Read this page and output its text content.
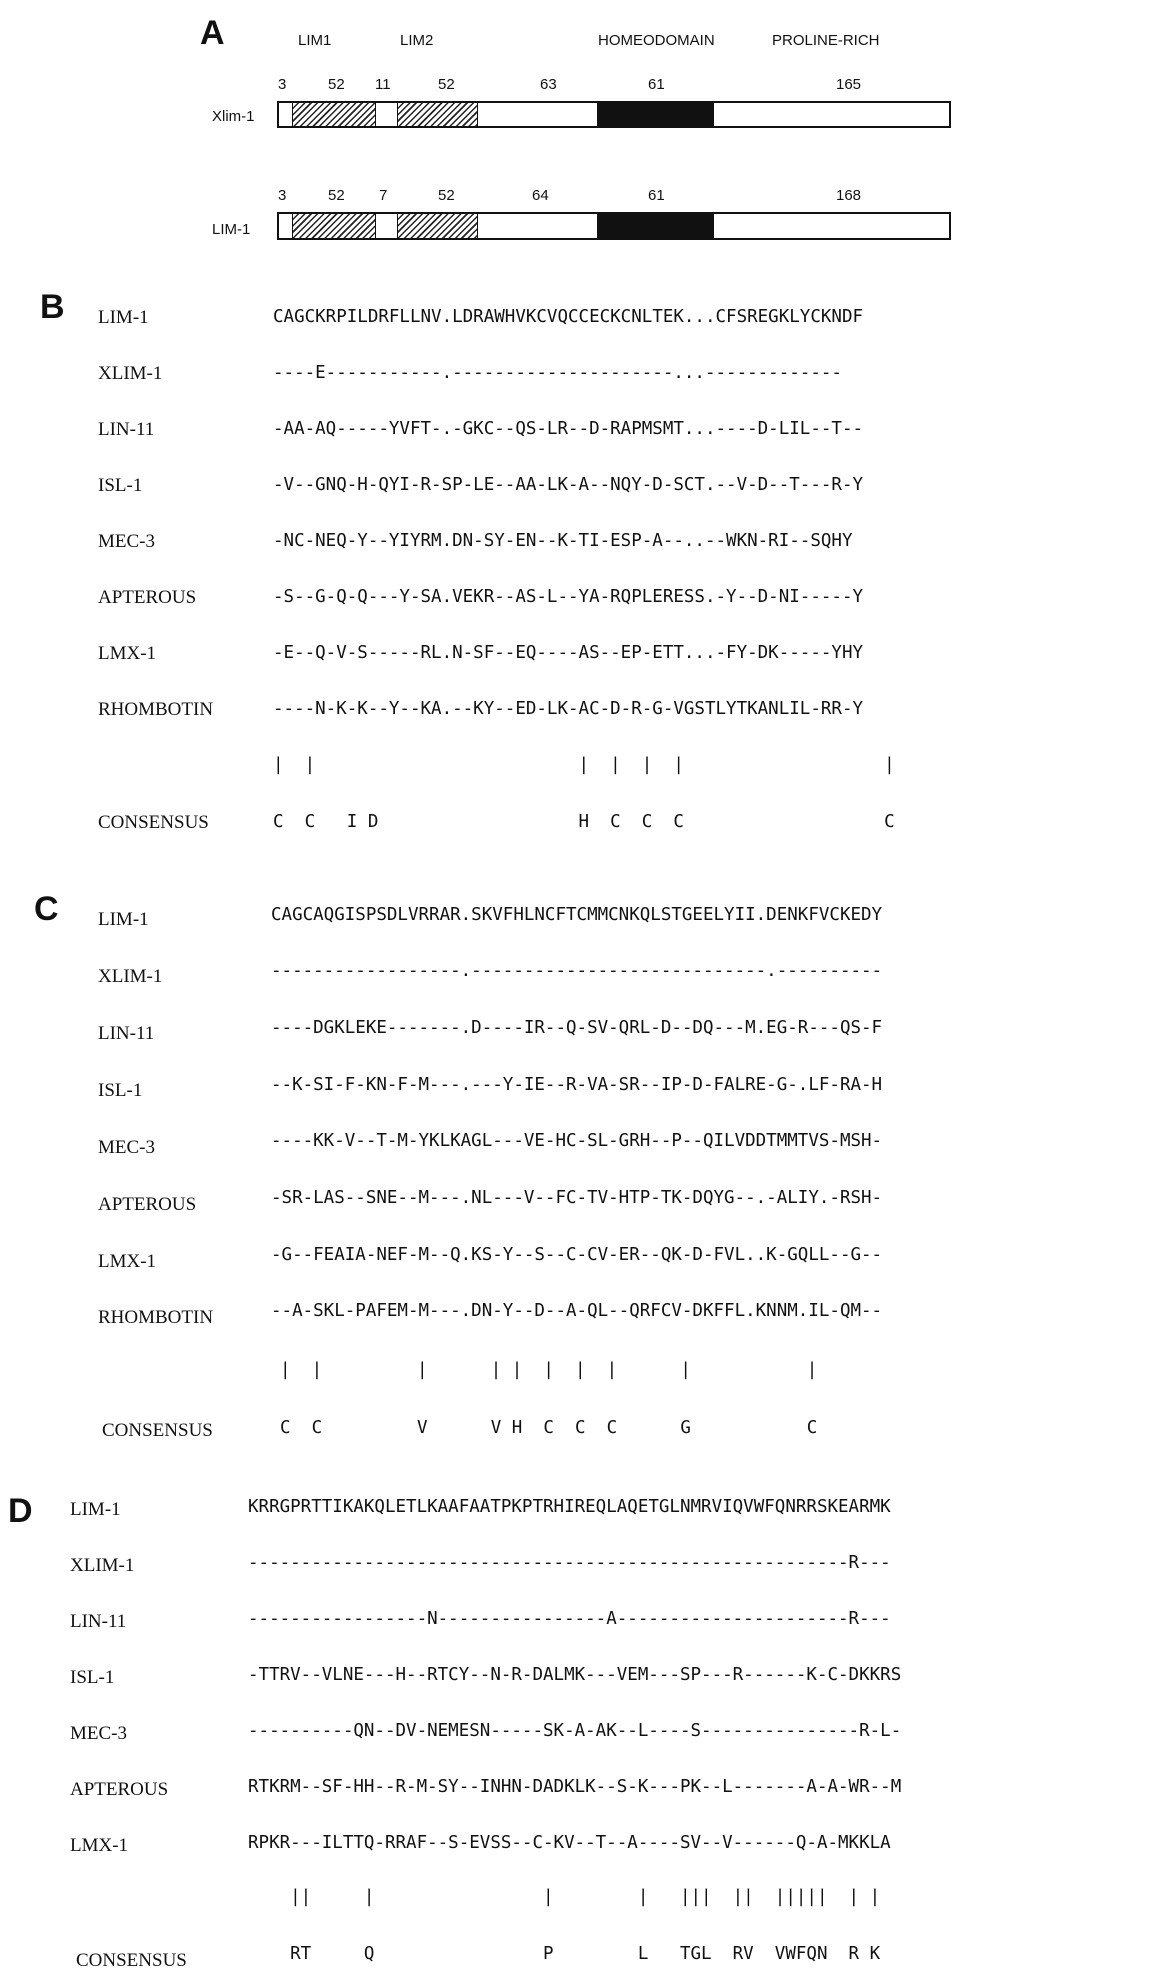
A	LIM1	LIM2	HOMEODOMAIN	PROLINE-RICH
3	52 11	52	63	61	165
Xlim-1
3	52 7	52	64	61	168
LIM-1
B LIM-1	CAGCKRPILDRFLLNV.LDRAWHVKCVQCCECKCNLTEK...CFSREGKLYCKNDF
XLIM-1	----E-----------.---------------------...-------------
LIN-11	-AA-AQ-----YVFT-.-GKC--QS-LR--D-RAPMSMT...----D-LIL--T--
ISL-1	-V--GNQ-H-QYI-R-SP-LE--AA-LK-A--NQY-D-SCT.--V-D--T---R-Y
MEC-3	-NC-NEQ-Y--YIYRM.DN-SY-EN--K-TI-ESP-A--..--WKN-RI--SQHY
APTEROUS	-S--G-Q-Q---Y-SA.VEKR--AS-L--YA-RQPLERESS.-Y--D-NI-----Y
LMX-1	-E--Q-V-S-----RL.N-SF--EQ----AS--EP-ETT...-FY-DK-----YHY
RHOMBOTIN	----N-K-K--Y--KA.--KY--ED-LK-AC-D-R-G-VGSTLYTKANLIL-RR-Y
|  |                         |  |  |  |                   |
CONSENSUS	C  C   I D                   H  C  C  C                   C
C LIM-1	CAGCAQGISPSDLVRRAR.SKVFHLNCFTCMMCNKQLSTGEELYII.DENKFVCKEDY
XLIM-1	------------------.----------------------------.----------
LIN-11	----DGKLEKE-------.D----IR--Q-SV-QRL-D--DQ---M.EG-R---QS-F
ISL-1	--K-SI-F-KN-F-M---.---Y-IE--R-VA-SR--IP-D-FALRE-G-.LF-RA-H
MEC-3	----KK-V--T-M-YKLKAGL---VE-HC-SL-GRH--P--QILVDDTMMTVS-MSH-
APTEROUS	-SR-LAS--SNE--M---.NL---V--FC-TV-HTP-TK-DQYG--.-ALIY.-RSH-
LMX-1	-G--FEAIA-NEF-M--Q.KS-Y--S--C-CV-ER--QK-D-FVL..K-GQLL--G--
RHOMBOTIN	--A-SKL-PAFEM-M---.DN-Y--D--A-QL--QRFCV-DKFFL.KNNM.IL-QM--
|  |         |      | |  |  |  |      |           |
CONSENSUS	C  C         V      V H  C  C  C      G           C
D LIM-1	KRRGPRTTIKAKQLETLKAAFAATPKPTRHIREQLAQETGLNMRVIQVWFQNRRSKEARMK
XLIM-1	---------------------------------------------------------R---
LIN-11	-----------------N----------------A----------------------R---
ISL-1	-TTRV--VLNE---H--RTCY--N-R-DALMK---VEM---SP---R------K-C-DKKRS
MEC-3	----------QN--DV-NEMESN-----SK-A-AK--L----S---------------R-L-
APTEROUS	RTKRM--SF-HH--R-M-SY--INHN-DADKLK--S-K---PK--L-------A-A-WR--M
LMX-1	RPKR---ILTTQ-RRAF--S-EVSS--C-KV--T--A----SV--V------Q-A-MKKLA
||     |                |        |   |||  ||  |||||  | |
CONSENSUS	RT     Q                P        L   TGL  RV  VWFQN  R K
